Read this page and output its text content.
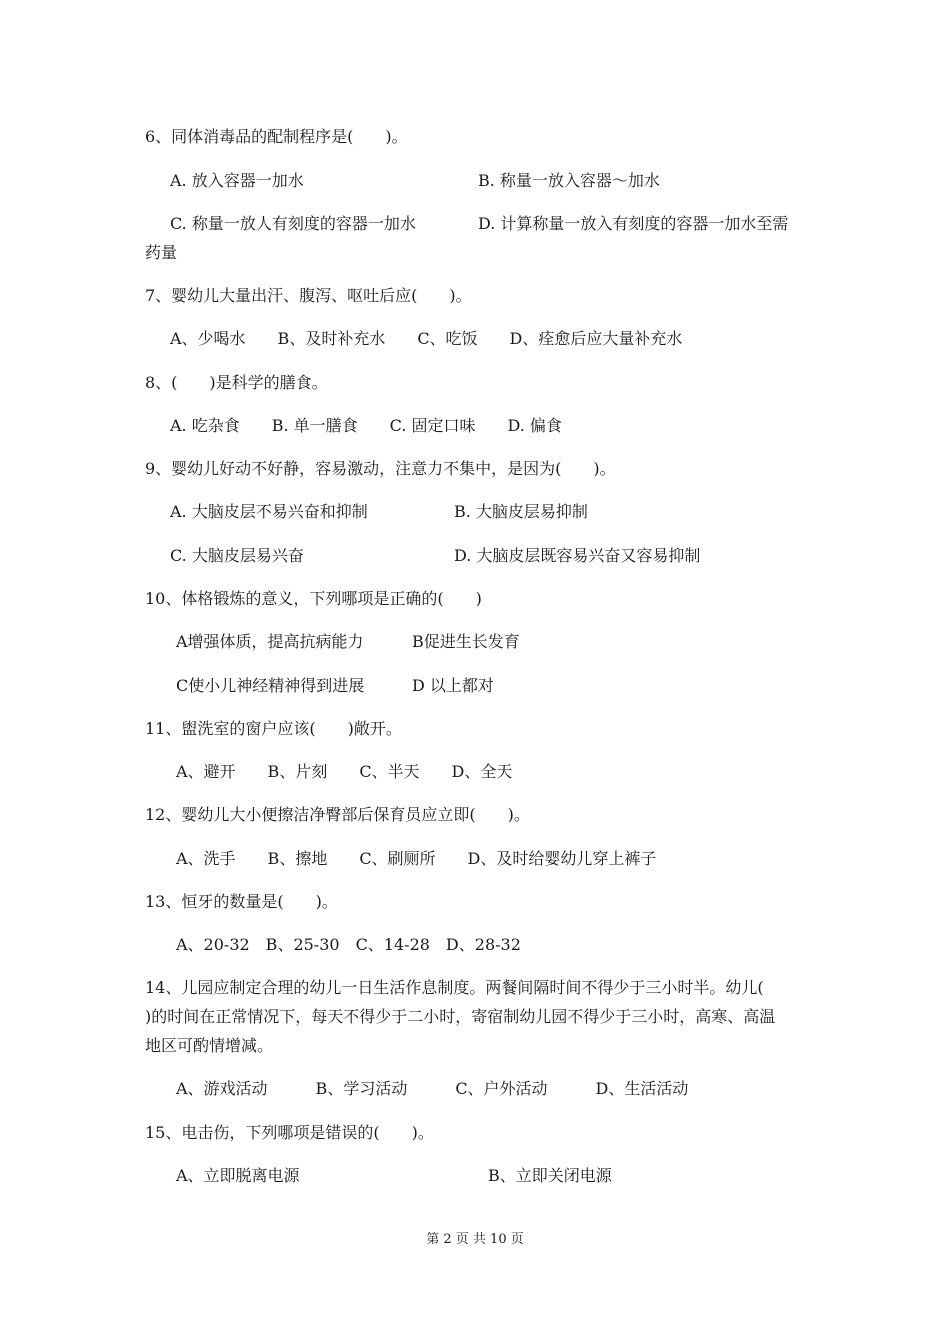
6、同体消毒品的配制程序是(　　)。
A. 放入容器一加水	B. 称量一放入容器～加水
C. 称量一放人有刻度的容器一加水	D. 计算称量一放入有刻度的容器一加水至需
药量
7、婴幼儿大量出汗、腹泻、呕吐后应(　　)。
A、少喝水　　B、及时补充水　　C、吃饭　　D、痊愈后应大量补充水
8、(　　)是科学的膳食。
A. 吃杂食　　B. 单一膳食　　C. 固定口味　　D. 偏食
9、婴幼儿好动不好静，容易激动，注意力不集中，是因为(　　)。
A. 大脑皮层不易兴奋和抑制	B. 大脑皮层易抑制
C. 大脑皮层易兴奋	D. 大脑皮层既容易兴奋又容易抑制
10、体格锻炼的意义，下列哪项是正确的(　　)
A增强体质，提高抗病能力	B促进生长发育
C使小儿神经精神得到进展	D 以上都对
11、盥洗室的窗户应该(　　)敞开。
A、避开　　B、片刻　　C、半天　　D、全天
12、婴幼儿大小便擦洁净臀部后保育员应立即(　　)。
A、洗手　　B、擦地　　C、刷厕所　　D、及时给婴幼儿穿上裤子
13、恒牙的数量是(　　)。
A、20-32　B、25-30　C、14-28　D、28-32
14、儿园应制定合理的幼儿一日生活作息制度。两餐间隔时间不得少于三小时半。幼儿(
)的时间在正常情况下，每天不得少于二小时，寄宿制幼儿园不得少于三小时，高寒、高温
地区可酌情增减。
A、游戏活动　　　B、学习活动　　　C、户外活动　　　D、生活活动
15、电击伤，下列哪项是错误的(　　)。
A、立即脱离电源	B、立即关闭电源
第 2 页 共 10 页
